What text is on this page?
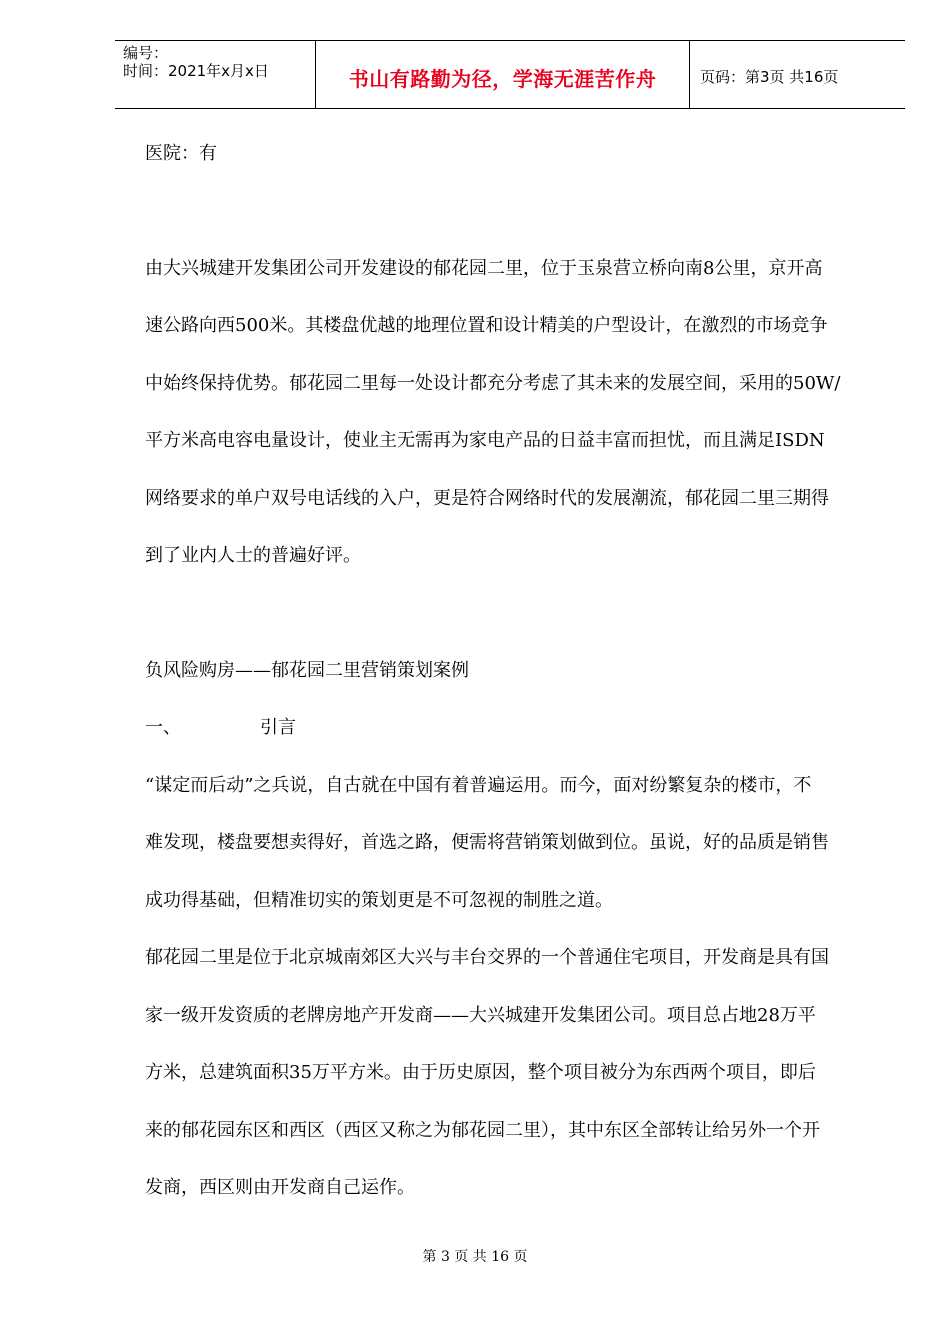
编号：
时间：2021年x月x日	书山有路勤为径，学海无涯苦作舟	页码：第3页 共16页
医院：有
由大兴城建开发集团公司开发建设的郁花园二里，位于玉泉营立桥向南8公里，京开高
速公路向西500米。其楼盘优越的地理位置和设计精美的户型设计，在激烈的市场竞争
中始终保持优势。郁花园二里每一处设计都充分考虑了其未来的发展空间，采用的50W/
平方米高电容电量设计，使业主无需再为家电产品的日益丰富而担忧，而且满足ISDN
网络要求的单户双号电话线的入户，更是符合网络时代的发展潮流，郁花园二里三期得
到了业内人士的普遍好评。
负风险购房——郁花园二里营销策划案例
一、	引言
“谋定而后动”之兵说，自古就在中国有着普遍运用。而今，面对纷繁复杂的楼市，不
难发现，楼盘要想卖得好，首选之路，便需将营销策划做到位。虽说，好的品质是销售
成功得基础，但精准切实的策划更是不可忽视的制胜之道。
郁花园二里是位于北京城南郊区大兴与丰台交界的一个普通住宅项目，开发商是具有国
家一级开发资质的老牌房地产开发商——大兴城建开发集团公司。项目总占地28万平
方米，总建筑面积35万平方米。由于历史原因，整个项目被分为东西两个项目，即后
来的郁花园东区和西区（西区又称之为郁花园二里），其中东区全部转让给另外一个开
发商，西区则由开发商自己运作。
第 3 页 共 16 页
